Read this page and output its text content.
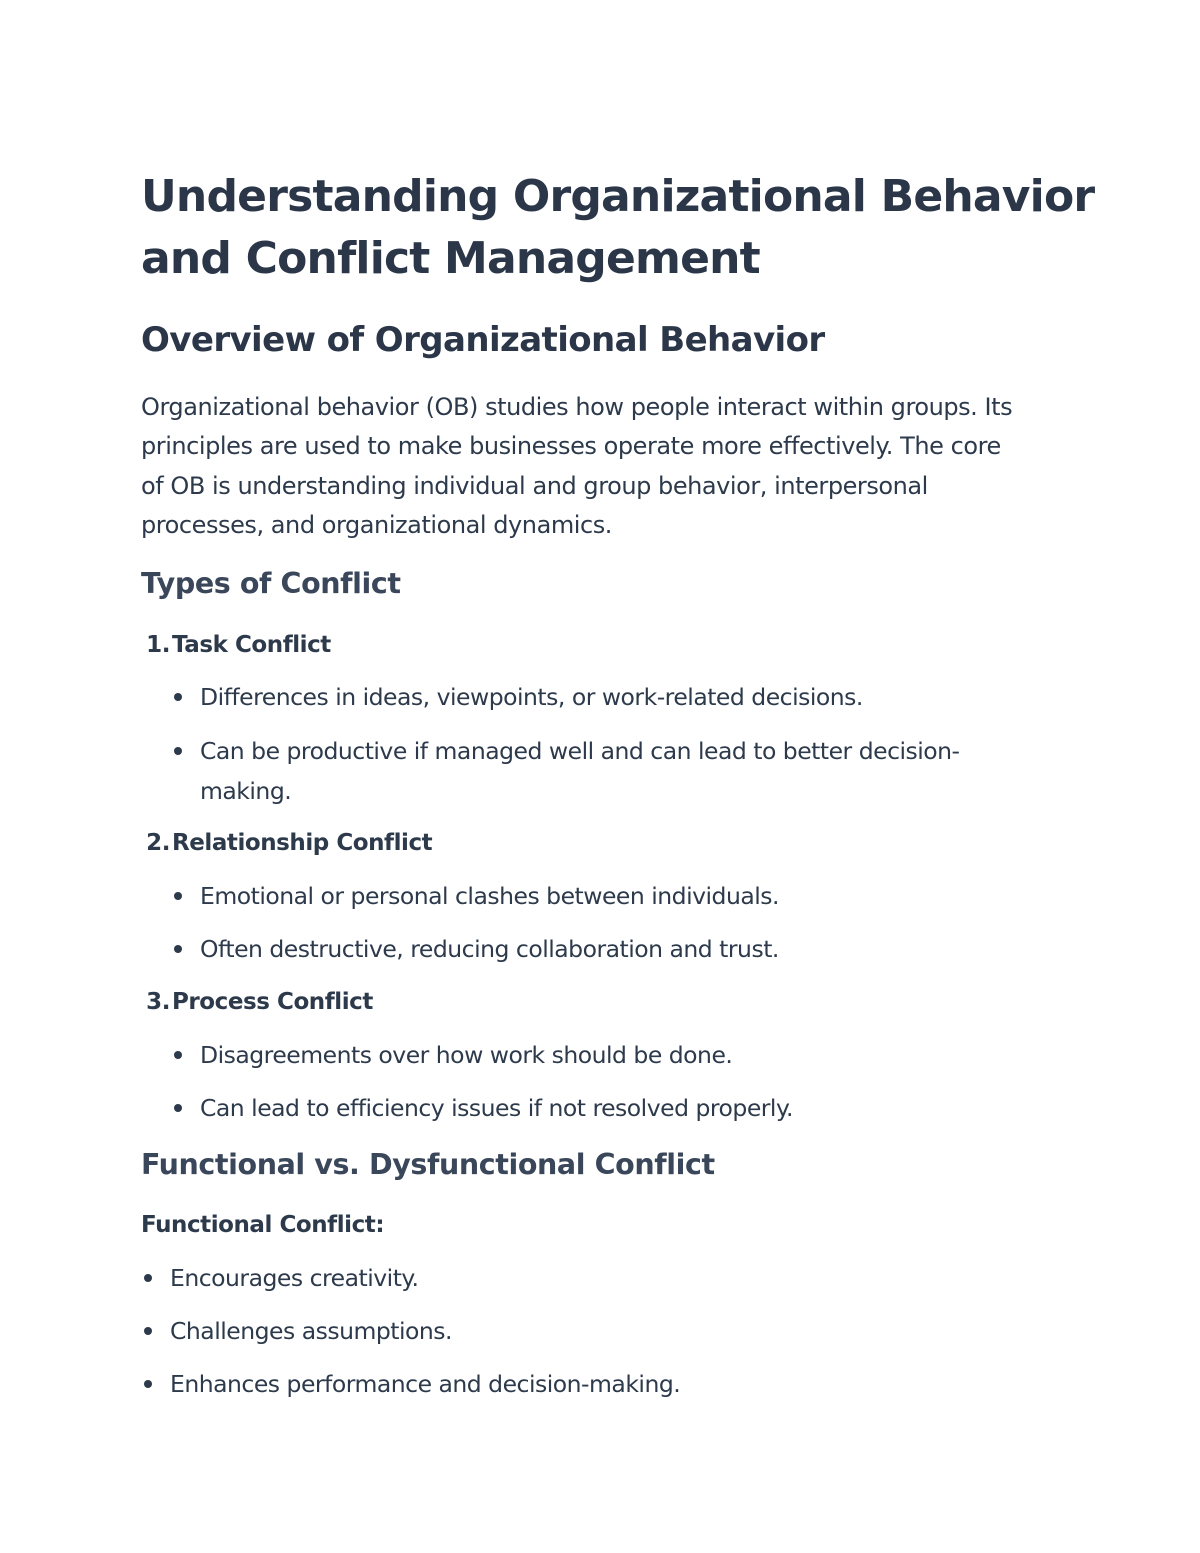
Understanding Organizational Behavior
and Conflict Management
Overview of Organizational Behavior

Organizational behavior (OB) studies how people interact within groups. Its
principles are used to make businesses operate more effectively. The core
of OB is understanding individual and group behavior, interpersonal
processes, and organizational dynamics.

Types of Conflict
1.Task Conflict
Differences in ideas, viewpoints, or work-related decisions.
Can be productive if managed well and can lead to better decision-
making.
2.Relationship Conflict
Emotional or personal clashes between individuals.
Often destructive, reducing collaboration and trust.
3.Process Conflict
Disagreements over how work should be done.
Can lead to efficiency issues if not resolved properly.
Functional vs. Dysfunctional Conflict
Functional Conflict:
Encourages creativity.
Challenges assumptions.
Enhances performance and decision-making.
